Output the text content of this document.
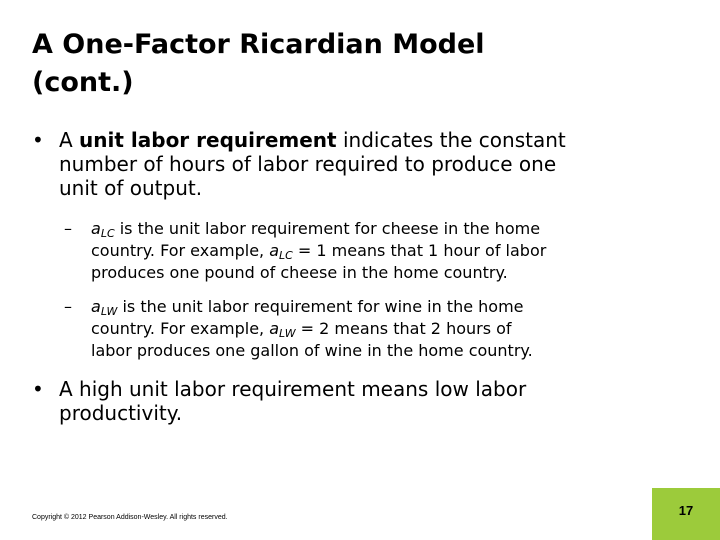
A One-Factor Ricardian Model
(cont.)
• A unit labor requirement indicates the constant
number of hours of labor required to produce one
unit of output.
– $a_{LC}$ is the unit labor requirement for cheese in the home
country. For example, $a_{LC} = 1$ means that 1 hour of labor
produces one pound of cheese in the home country.
– $a_{LW}$ is the unit labor requirement for wine in the home
country. For example, $a_{LW} = 2$ means that 2 hours of
labor produces one gallon of wine in the home country.
• A high unit labor requirement means low labor
productivity.
Copyright © 2012 Pearson Addison-Wesley. All rights reserved.	17
